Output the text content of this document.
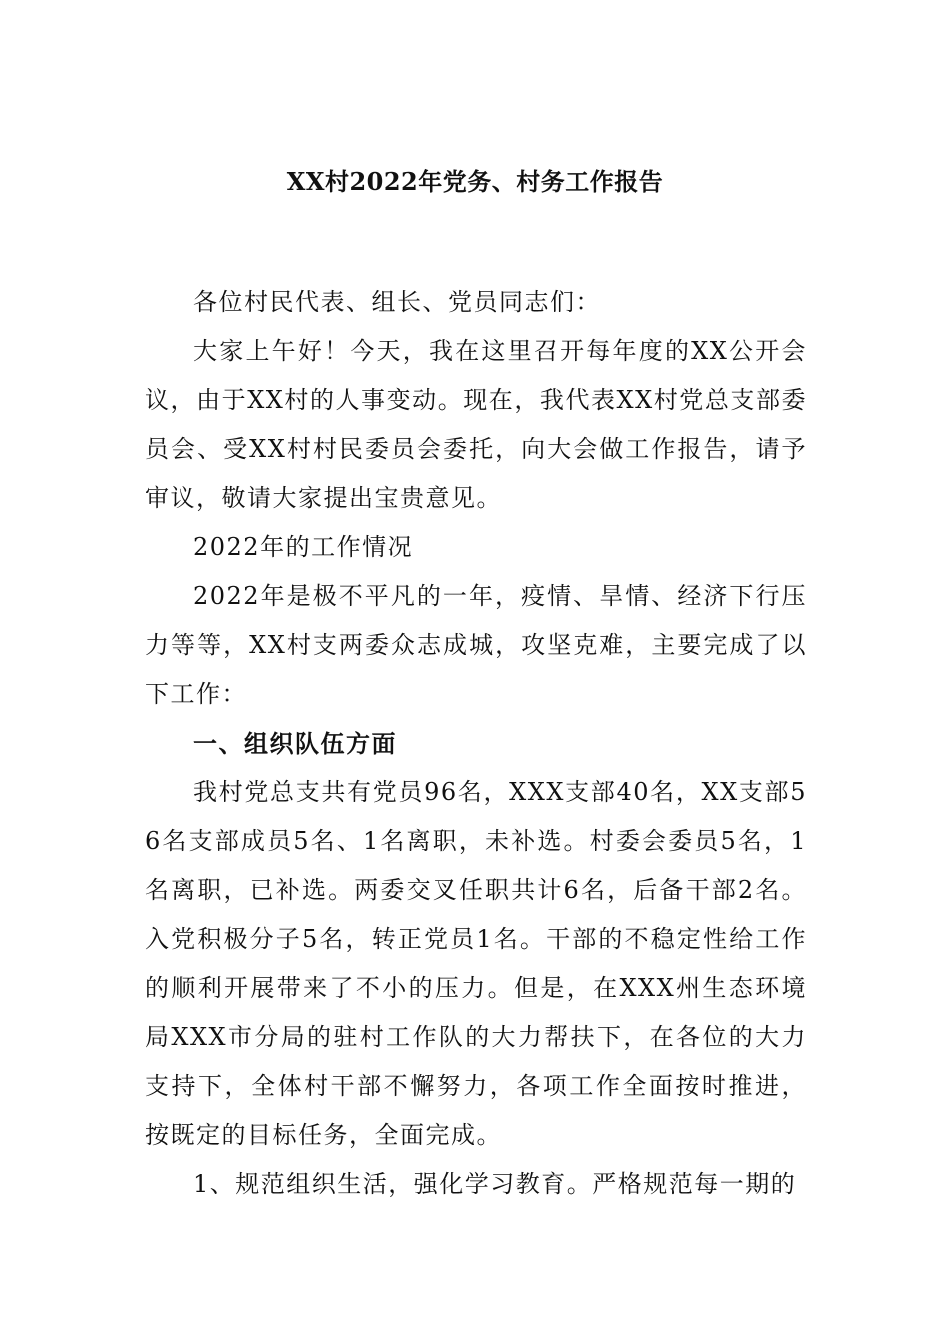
XX村2022年党务、村务工作报告

各位村民代表、组长、党员同志们：

大家上午好！今天，我在这里召开每年度的XX公开会议，由于XX村的人事变动。现在，我代表XX村党总支部委员会、受XX村村民委员会委托，向大会做工作报告，请予审议，敬请大家提出宝贵意见。

2022年的工作情况

2022年是极不平凡的一年，疫情、旱情、经济下行压力等等，XX村支两委众志成城，攻坚克难，主要完成了以下工作：

一、组织队伍方面

我村党总支共有党员96名，XXX支部40名，XX支部56名支部成员5名、1名离职，未补选。村委会委员5名，1名离职，已补选。两委交叉任职共计6名，后备干部2名。入党积极分子5名，转正党员1名。干部的不稳定性给工作的顺利开展带来了不小的压力。但是，在XXX州生态环境局XXX市分局的驻村工作队的大力帮扶下，在各位的大力支持下，全体村干部不懈努力，各项工作全面按时推进，按既定的目标任务，全面完成。

1、规范组织生活，强化学习教育。严格规范每一期的
